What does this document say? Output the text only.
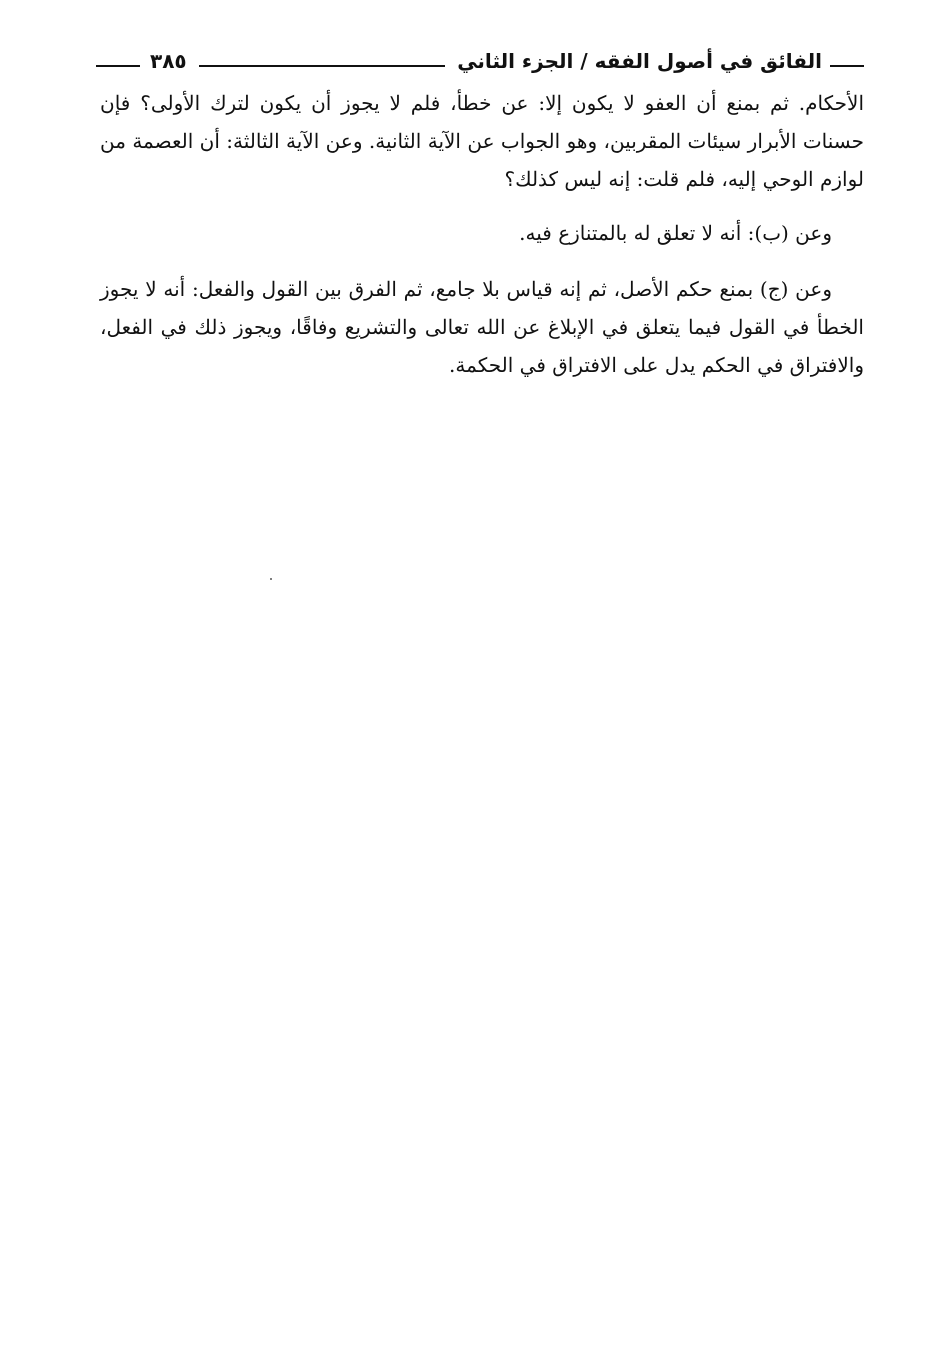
الفائق في أصول الفقه / الجزء الثاني
٣٨٥

الأحكام. ثم بمنع أن العفو لا يكون إلا: عن خطأ، فلم لا يجوز أن يكون لترك الأولى؟ فإن حسنات الأبرار سيئات المقربين، وهو الجواب عن الآية الثانية. وعن الآية الثالثة: أن العصمة من لوازم الوحي إليه، فلم قلت: إنه ليس كذلك؟

وعن (ب): أنه لا تعلق له بالمتنازع فيه.

وعن (ج) بمنع حكم الأصل، ثم إنه قياس بلا جامع، ثم الفرق بين القول والفعل: أنه لا يجوز الخطأ في القول فيما يتعلق في الإبلاغ عن الله تعالى والتشريع وفاقًا، ويجوز ذلك في الفعل، والافتراق في الحكم يدل على الافتراق في الحكمة.
